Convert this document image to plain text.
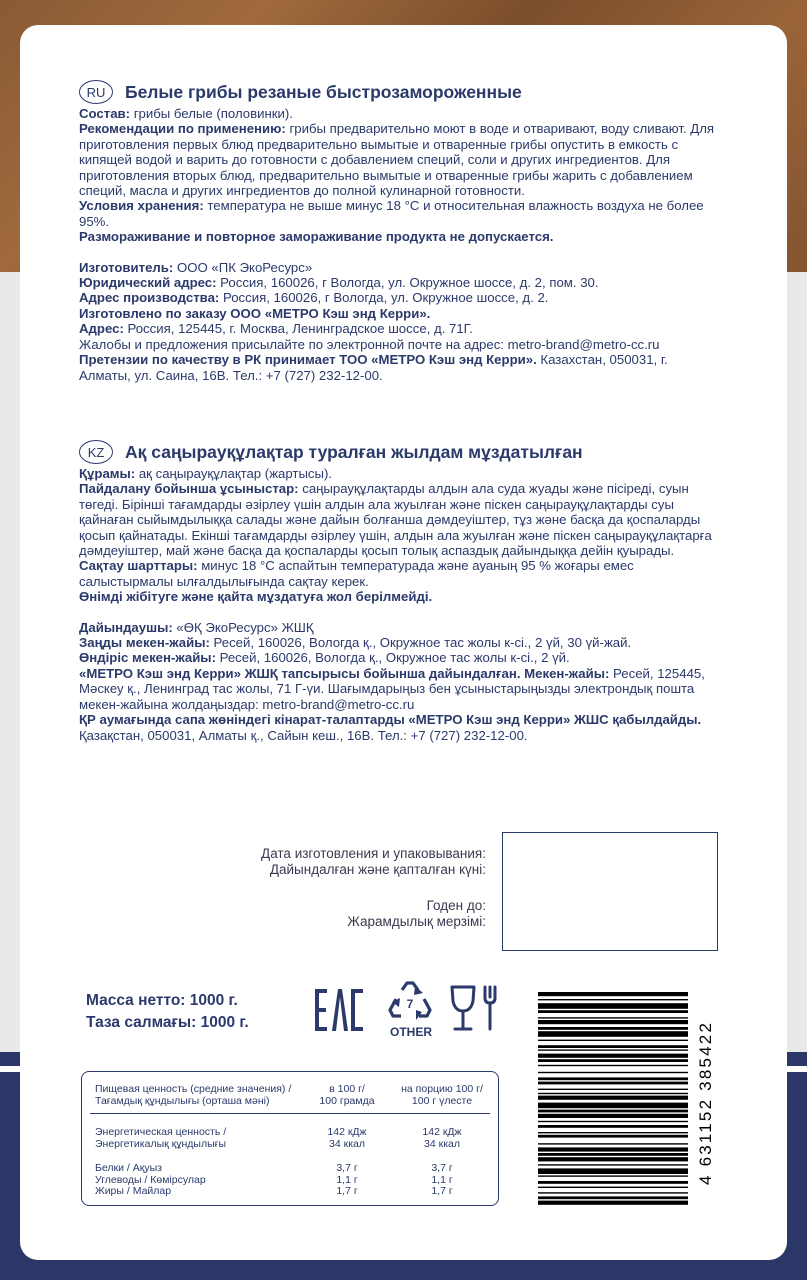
RU	Белые грибы резаные быстрозамороженные

Состав: грибы белые (половинки).

Рекомендации по применению: грибы предварительно моют в воде и отваривают, воду сливают. Для приготовления первых блюд предварительно вымытые и отваренные грибы опустить в емкость с кипящей водой и варить до готовности с добавлением специй, соли и других ингредиентов. Для приготовления вторых блюд, предварительно вымытые и отваренные грибы жарить с добавлением специй, масла и других ингредиентов до полной кулинарной готовности.

Условия хранения: температура не выше минус 18 °С и относительная влажность воздуха не более 95%.

Размораживание и повторное замораживание продукта не допускается.

Изготовитель: ООО «ПК ЭкоРесурс»

Юридический адрес: Россия, 160026, г Вологда, ул. Окружное шоссе, д. 2, пом. 30.

Адрес производства: Россия, 160026, г Вологда, ул. Окружное шоссе, д. 2.

Изготовлено по заказу ООО «МЕТРО Кэш энд Керри».

Адрес: Россия, 125445, г. Москва, Ленинградское шоссе, д. 71Г.

Жалобы и предложения присылайте по электронной почте на адрес: metro-brand@metro-cc.ru

Претензии по качеству в РК принимает ТОО «МЕТРО Кэш энд Керри». Казахстан, 050031, г. Алматы, ул. Саина, 16В. Тел.: +7 (727) 232-12-00.

KZ	Ақ саңырауқұлақтар туралған жылдам мұздатылған

Құрамы: ақ саңырауқұлақтар (жартысы).

Пайдалану бойынша ұсыныстар: саңырауқұлақтарды алдын ала суда жуады және пісіреді, суын төгеді. Бірінші тағамдарды әзірлеу үшін алдын ала жуылған және піскен саңырауқұлақтарды суы қайнаған сыйымдылыққа салады және дайын болғанша дәмдеуіштер, тұз және басқа да қоспаларды қосып қайнатады. Екінші тағамдарды әзірлеу үшін, алдын ала жуылған және піскен саңырауқұлақтарға дәмдеуіштер, май және басқа да қоспаларды қосып толық аспаздық дайындыққа дейін қуырады.

Сақтау шарттары: минус 18 °С аспайтын температурада және ауаның 95 % жоғары емес салыстырмалы ылғалдылығында сақтау керек.

Өнімді жібітуге және қайта мұздатуға жол берілмейді.

Дайындаушы: «ӨҚ ЭкоРесурс» ЖШҚ

Заңды мекен-жайы: Ресей, 160026, Вологда қ., Окружное тас жолы к-сі., 2 үй, 30 үй-жай.

Өндіріс мекен-жайы: Ресей, 160026, Вологда қ., Окружное тас жолы к-сі., 2 үй.

«МЕТРО Кэш энд Керри» ЖШҚ тапсырысы бойынша дайындалған. Мекен-жайы: Ресей, 125445, Мәскеу қ., Ленинград тас жолы, 71 Г-үи. Шағымдарыңыз бен ұсыныстарыңызды электрондық пошта мекен-жайына жолдаңыздар: metro-brand@metro-cc.ru

ҚР аумағында сапа жөніндегі кінарат-талаптарды «МЕТРО Кэш энд Керри» ЖШС қабылдайды. Қазақстан, 050031, Алматы қ., Сайын кеш., 16В. Тел.: +7 (727) 232-12-00.

Дата изготовления и упаковывания:
Дайындалған және қапталған күні:
Годен до:
Жарамдылық мерзімі:
Масса нетто: 1000 г.
Таза салмағы: 1000 г.
7
OTHER
Пищевая ценность (средние значения) /
Тағамдық құндылығы (орташа мәні)
в 100 г/
100 грамда
на порцию 100 г/
100 г үлесте
Энергетическая ценность /
Энергетикалық құндылығы
142 кДж
34 ккал
142 кДж
34 ккал
Белки / Ақуыз
Углеводы / Көмірсулар
Жиры / Майлар
3,7 г
1,1 г
1,7 г
3,7 г
1,1 г
1,7 г
4 631152 385422
